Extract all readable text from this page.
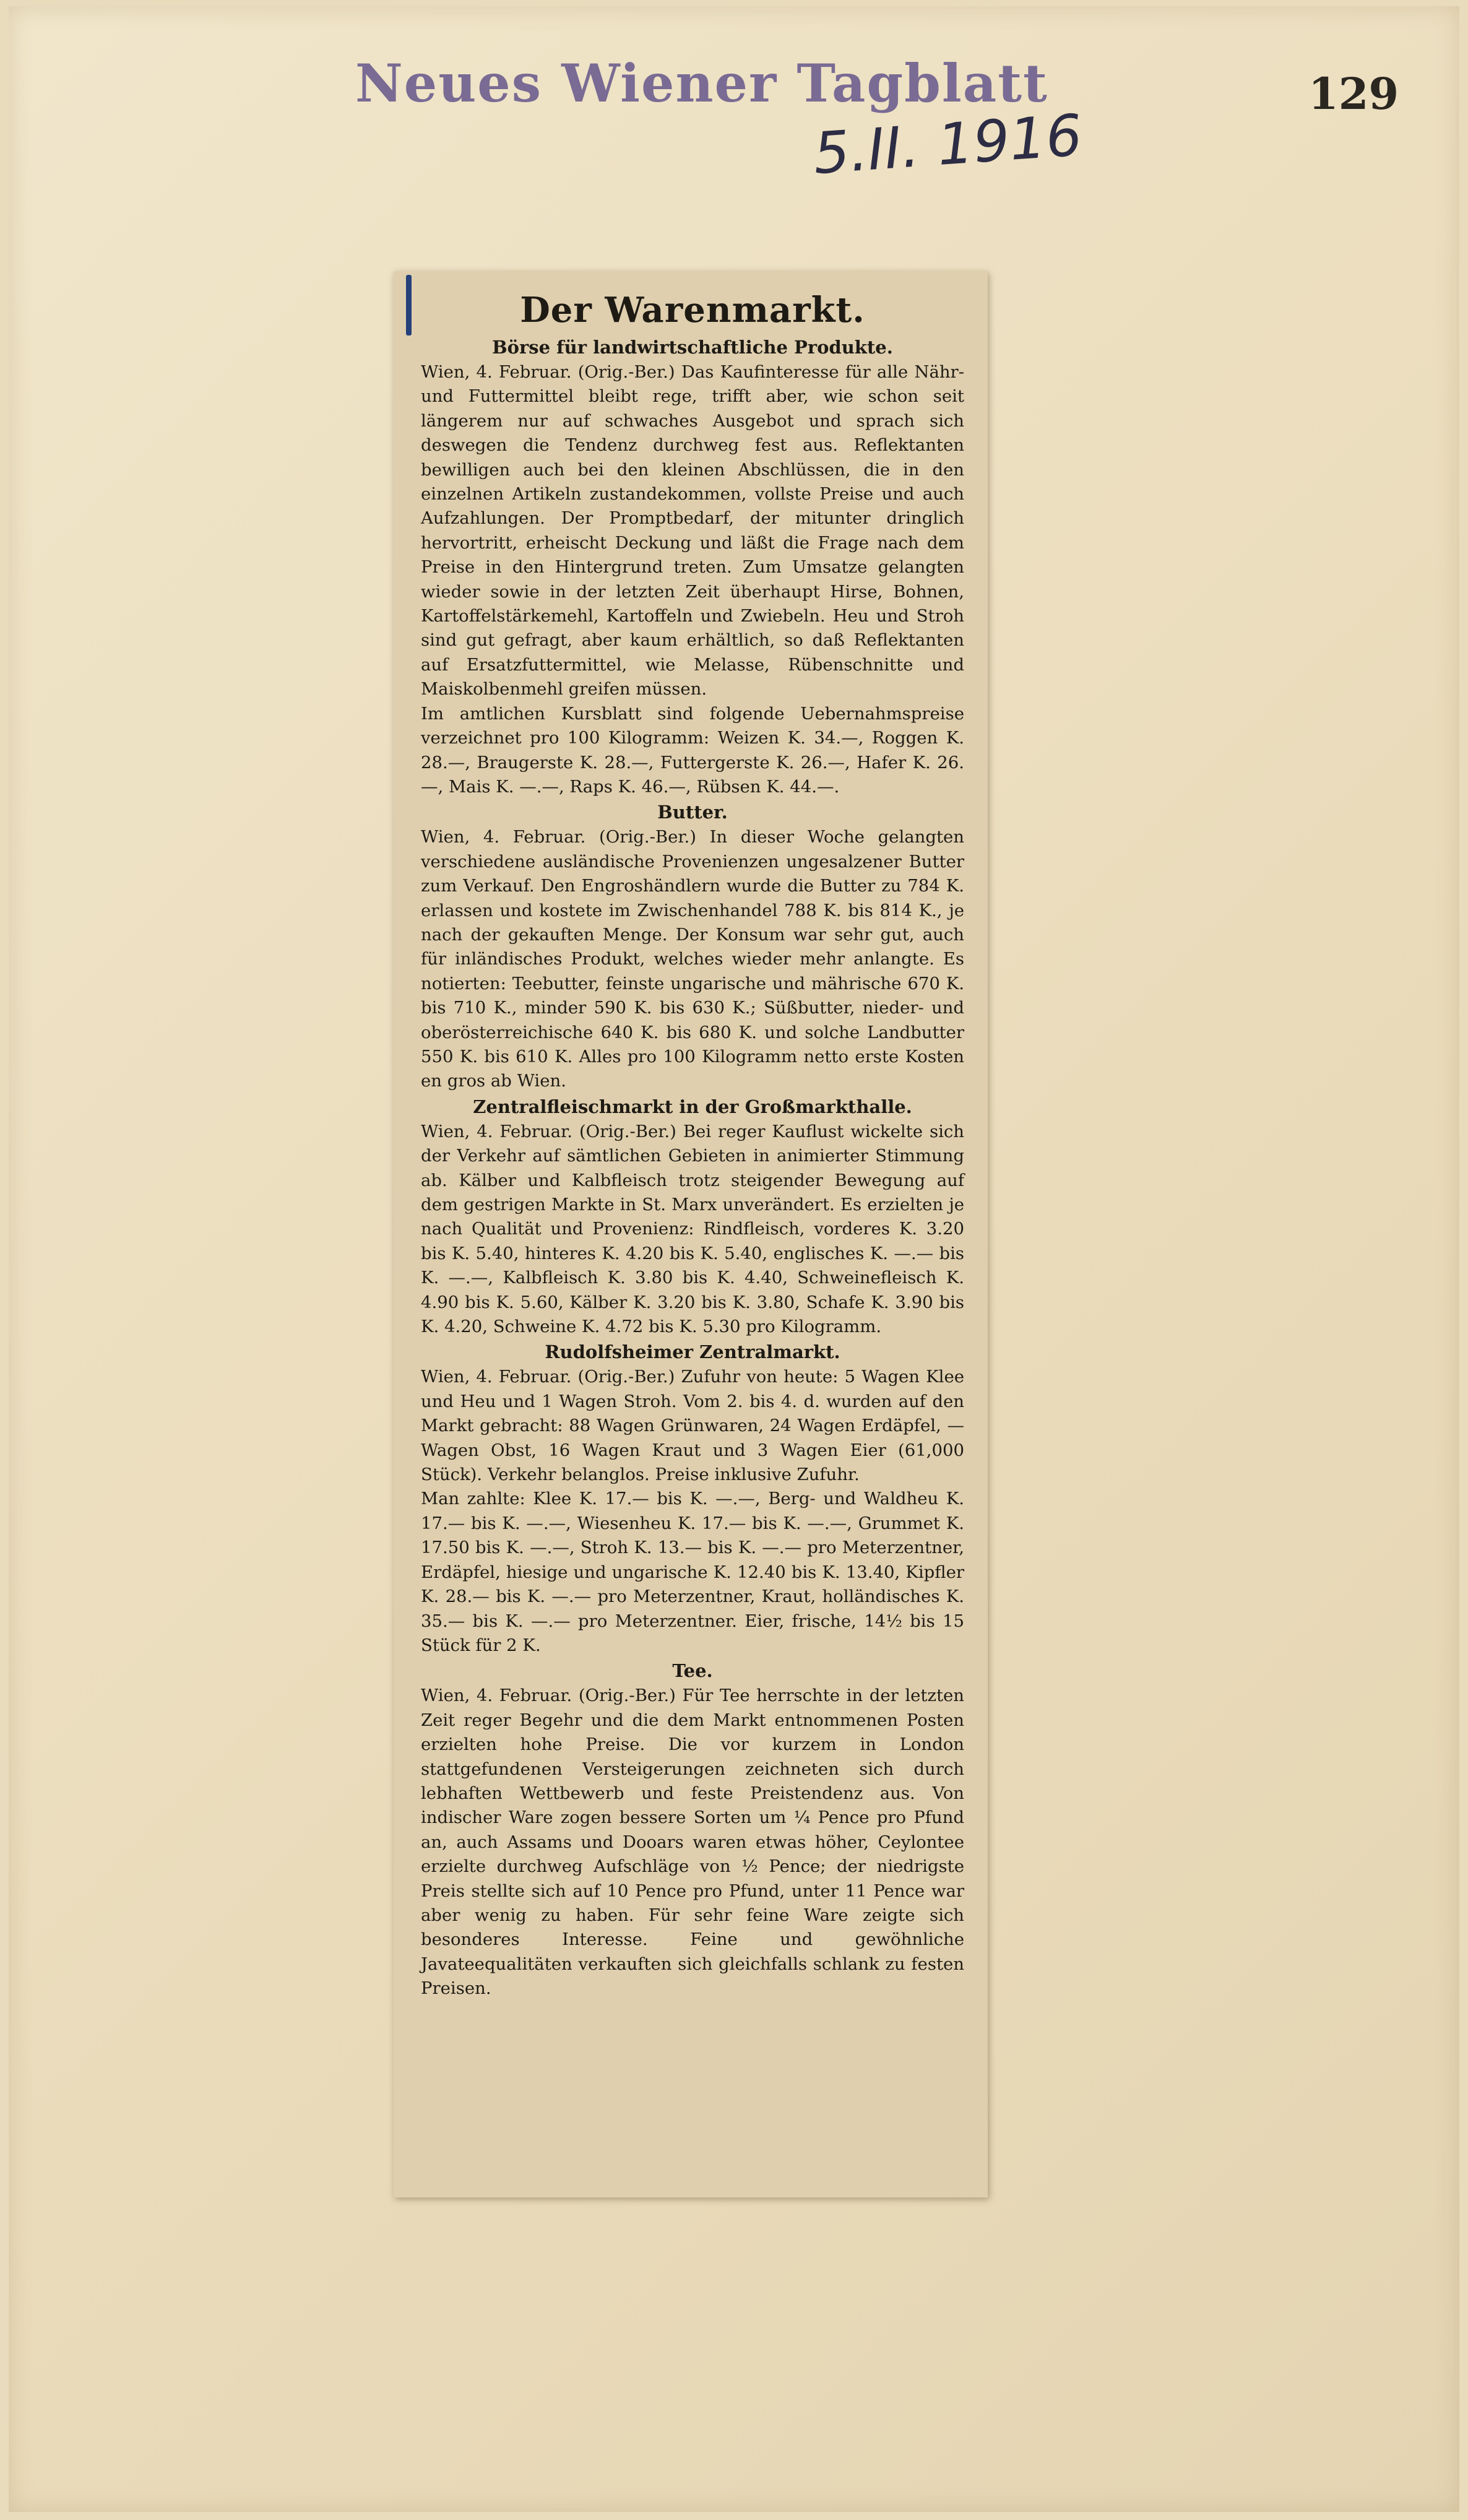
Neues Wiener Tagblatt
5.II. 1916
129
Der Warenmarkt.
Börse für landwirtschaftliche Produkte.

Wien, 4. Februar. (Orig.-Ber.) Das Kaufinteresse für alle Nähr- und Futtermittel bleibt rege, trifft aber, wie schon seit längerem nur auf schwaches Ausgebot und sprach sich deswegen die Tendenz durchweg fest aus. Reflektanten bewilligen auch bei den kleinen Abschlüssen, die in den einzelnen Artikeln zustandekommen, vollste Preise und auch Aufzahlungen. Der Promptbedarf, der mitunter dringlich hervortritt, erheischt Deckung und läßt die Frage nach dem Preise in den Hintergrund treten. Zum Umsatze gelangten wieder sowie in der letzten Zeit überhaupt Hirse, Bohnen, Kartoffelstärkemehl, Kartoffeln und Zwiebeln. Heu und Stroh sind gut gefragt, aber kaum erhältlich, so daß Reflektanten auf Ersatzfuttermittel, wie Melasse, Rübenschnitte und Maiskolbenmehl greifen müssen.

Im amtlichen Kursblatt sind folgende Uebernahmspreise verzeichnet pro 100 Kilogramm: Weizen K. 34.—, Roggen K. 28.—, Braugerste K. 28.—, Futtergerste K. 26.—, Hafer K. 26.—, Mais K. —.—, Raps K. 46.—, Rübsen K. 44.—.

Butter.

Wien, 4. Februar. (Orig.-Ber.) In dieser Woche gelangten verschiedene ausländische Provenienzen ungesalzener Butter zum Verkauf. Den Engroshändlern wurde die Butter zu 784 K. erlassen und kostete im Zwischenhandel 788 K. bis 814 K., je nach der gekauften Menge. Der Konsum war sehr gut, auch für inländisches Produkt, welches wieder mehr anlangte. Es notierten: Teebutter, feinste ungarische und mährische 670 K. bis 710 K., minder 590 K. bis 630 K.; Süßbutter, nieder- und oberösterreichische 640 K. bis 680 K. und solche Landbutter 550 K. bis 610 K. Alles pro 100 Kilogramm netto erste Kosten en gros ab Wien.

Zentralfleischmarkt in der Großmarkthalle.

Wien, 4. Februar. (Orig.-Ber.) Bei reger Kauflust wickelte sich der Verkehr auf sämtlichen Gebieten in animierter Stimmung ab. Kälber und Kalbfleisch trotz steigender Bewegung auf dem gestrigen Markte in St. Marx unverändert. Es erzielten je nach Qualität und Provenienz: Rindfleisch, vorderes K. 3.20 bis K. 5.40, hinteres K. 4.20 bis K. 5.40, englisches K. —.— bis K. —.—, Kalbfleisch K. 3.80 bis K. 4.40, Schweinefleisch K. 4.90 bis K. 5.60, Kälber K. 3.20 bis K. 3.80, Schafe K. 3.90 bis K. 4.20, Schweine K. 4.72 bis K. 5.30 pro Kilogramm.

Rudolfsheimer Zentralmarkt.

Wien, 4. Februar. (Orig.-Ber.) Zufuhr von heute: 5 Wagen Klee und Heu und 1 Wagen Stroh. Vom 2. bis 4. d. wurden auf den Markt gebracht: 88 Wagen Grünwaren, 24 Wagen Erdäpfel, — Wagen Obst, 16 Wagen Kraut und 3 Wagen Eier (61,000 Stück). Verkehr belanglos. Preise inklusive Zufuhr.

Man zahlte: Klee K. 17.— bis K. —.—, Berg- und Waldheu K. 17.— bis K. —.—, Wiesenheu K. 17.— bis K. —.—, Grummet K. 17.50 bis K. —.—, Stroh K. 13.— bis K. —.— pro Meterzentner, Erdäpfel, hiesige und ungarische K. 12.40 bis K. 13.40, Kipfler K. 28.— bis K. —.— pro Meterzentner, Kraut, holländisches K. 35.— bis K. —.— pro Meterzentner. Eier, frische, 14½ bis 15 Stück für 2 K.

Tee.

Wien, 4. Februar. (Orig.-Ber.) Für Tee herrschte in der letzten Zeit reger Begehr und die dem Markt entnommenen Posten erzielten hohe Preise. Die vor kurzem in London stattgefundenen Versteigerungen zeichneten sich durch lebhaften Wettbewerb und feste Preistendenz aus. Von indischer Ware zogen bessere Sorten um ¼ Pence pro Pfund an, auch Assams und Dooars waren etwas höher, Ceylontee erzielte durchweg Aufschläge von ½ Pence; der niedrigste Preis stellte sich auf 10 Pence pro Pfund, unter 11 Pence war aber wenig zu haben. Für sehr feine Ware zeigte sich besonderes Interesse. Feine und gewöhnliche Javateequalitäten verkauften sich gleichfalls schlank zu festen Preisen.
